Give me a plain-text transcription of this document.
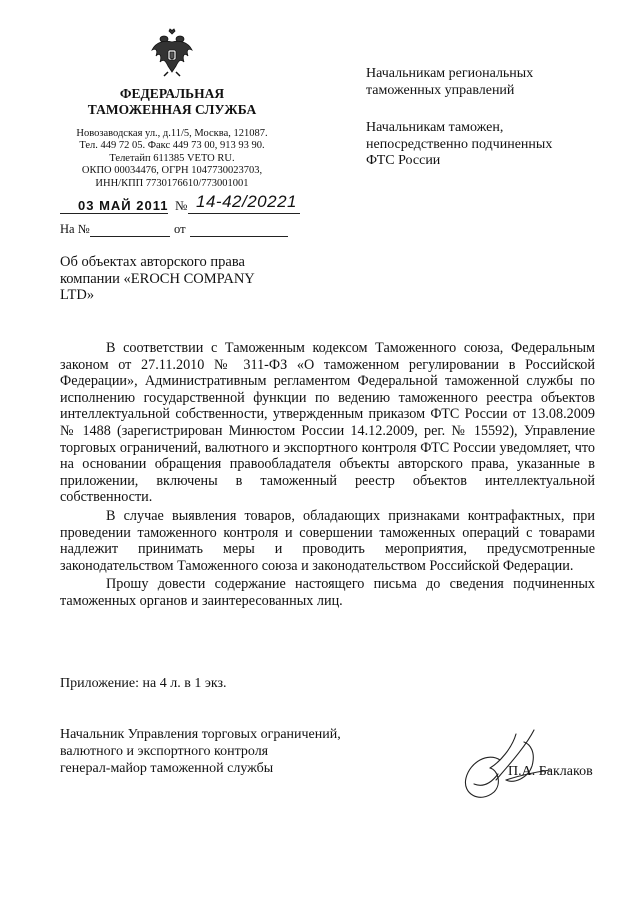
ФЕДЕРАЛЬНАЯ
ТАМОЖЕННАЯ СЛУЖБА
Новозаводская ул., д.11/5, Москва, 121087.
Тел. 449 72 05. Факс 449 73 00, 913 93 90.
Телетайп 611385 VETO RU.
ОКПО 00034476, ОГРН 1047730023703,
ИНН/КПП 7730176610/773001001
03 МАЙ 2011 № 14-42/20221
На №	от
Начальникам региональных
таможенных управлений
Начальникам таможен,
непосредственно подчиненных
ФТС России
Об объектах авторского права
компании «EROCH COMPANY
LTD»

В соответствии с Таможенным кодексом Таможенного союза, Федеральным законом от 27.11.2010 № 311-ФЗ «О таможенном регулировании в Российской Федерации», Административным регламентом Федеральной таможенной службы по исполнению государственной функции по ведению таможенного реестра объектов интеллектуальной собственности, утвержденным приказом ФТС России от 13.08.2009 № 1488 (зарегистрирован Минюстом России 14.12.2009, рег. № 15592), Управление торговых ограничений, валютного и экспортного контроля ФТС России уведомляет, что на основании обращения правообладателя объекты авторского права, указанные в приложении, включены в таможенный реестр объектов интеллектуальной собственности.

В случае выявления товаров, обладающих признаками контрафактных, при проведении таможенного контроля и совершении таможенных операций с товарами надлежит принимать меры и проводить мероприятия, предусмотренные законодательством Таможенного союза и законодательством Российской Федерации.

Прошу довести содержание настоящего письма до сведения подчиненных таможенных органов и заинтересованных лиц.

Приложение: на 4 л. в 1 экз.
Начальник Управления торговых ограничений,
валютного и экспортного контроля
генерал-майор таможенной службы	П.А. Баклаков
